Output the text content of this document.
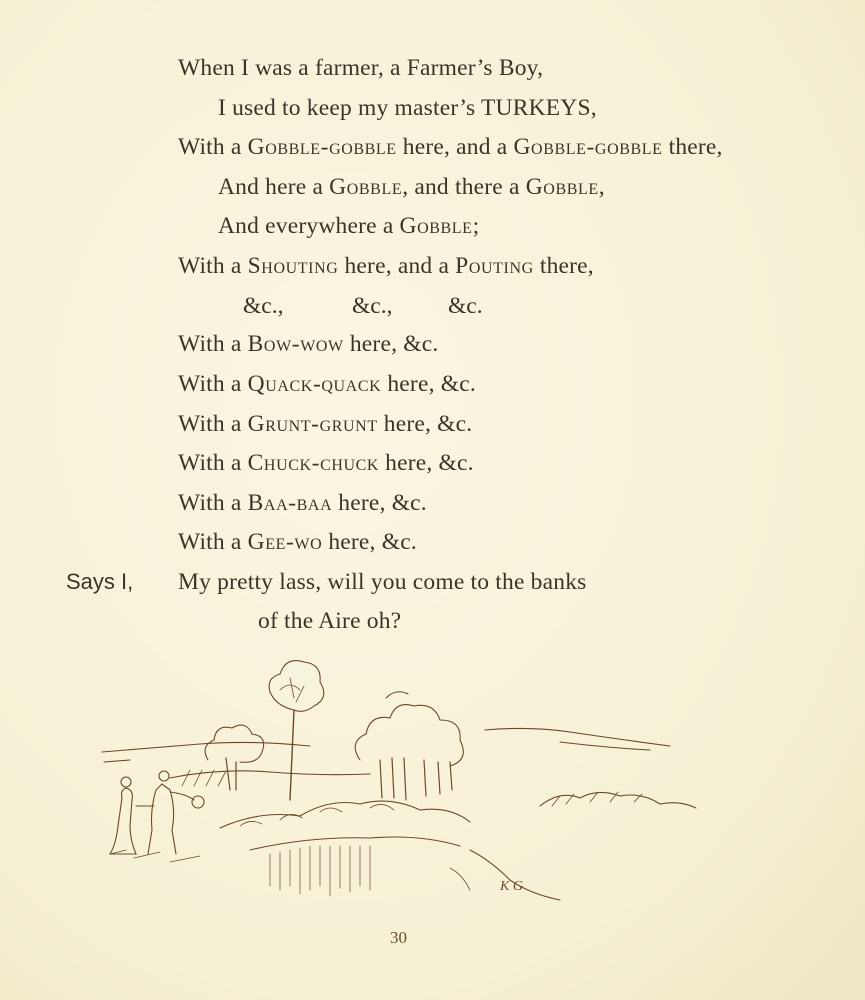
When I was a farmer, a Farmer’s Boy,
I used to keep my master’s TURKEYS,
With a Gobble-gobble here, and a Gobble-gobble there,
And here a Gobble, and there a Gobble,
And everywhere a Gobble;
With a Shouting here, and a Pouting there,
&c.,	&c., &c.
With a Bow-wow here, &c.
With a Quack-quack here, &c.
With a Grunt-grunt here, &c.
With a Chuck-chuck here, &c.
With a Baa-baa here, &c.
With a Gee-wo here, &c.
Says I, My pretty lass, will you come to the banks
of the Aire oh?
K G
30
